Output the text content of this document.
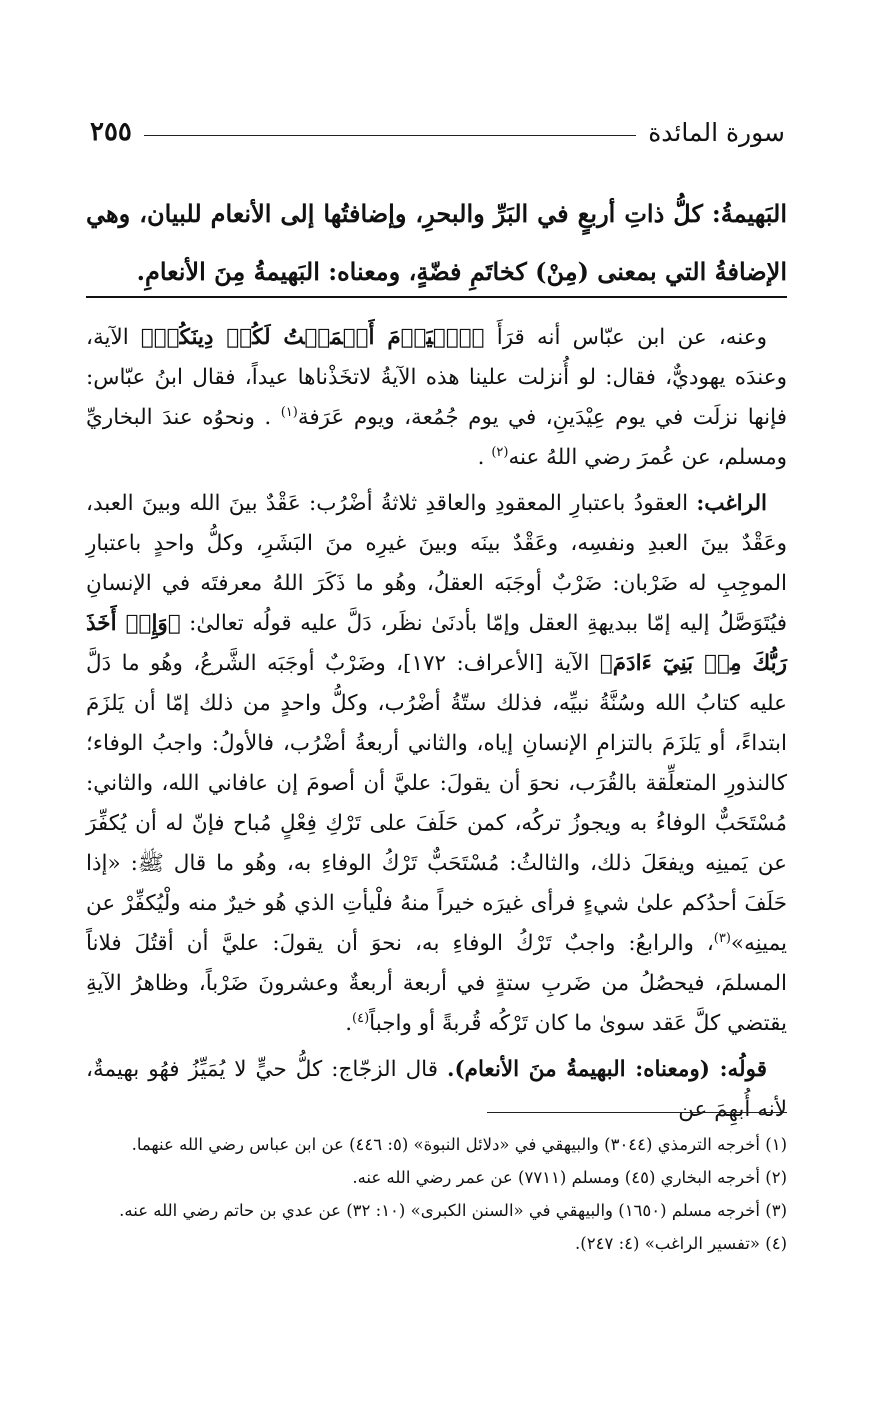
سورة المائدة
٢٥٥
البَهيمةُ: كلُّ ذاتِ أربعٍ في البَرِّ والبحرِ، وإضافتُها إلى الأنعام للبيان، وهي الإضافةُ التي بمعنى (مِنْ) كخاتَمِ فضّةٍ، ومعناه: البَهيمةُ مِنَ الأنعامِ.

وعنه، عن ابن عبّاس أنه قرَأَ ﴿ٱلۡيَوۡمَ أَكۡمَلۡتُ لَكُمۡ دِينَكُمۡ﴾ الآية، وعندَه يهوديٌّ، فقال: لو أُنزلت علينا هذه الآيةُ لاتخَذْناها عيداً، فقال ابنُ عبّاس: فإنها نزلَت في يوم عِيْدَينِ، في يوم جُمُعة، ويوم عَرَفة$^{(١)}$ . ونحوُه عندَ البخاريِّ ومسلم، عن عُمرَ رضي اللهُ عنه$^{(٢)}$ .

الراغب: العقودُ باعتبارِ المعقودِ والعاقدِ ثلاثةُ أضْرُب: عَقْدٌ بينَ الله وبينَ العبد، وعَقْدٌ بينَ العبدِ ونفسِه، وعَقْدٌ بينَه وبينَ غيرِه منَ البَشَرِ، وكلُّ واحدٍ باعتبارِ الموجِبِ له ضَرْبان: ضَرْبٌ أوجَبَه العقلُ، وهُو ما ذَكَرَ اللهُ معرفتَه في الإنسانِ فيُتَوَصَّلُ إليه إمّا ببديهةِ العقل وإمّا بأدنَىٰ نظَر، دَلَّ عليه قولُه تعالىٰ: ﴿وَإِذۡ أَخَذَ رَبُّكَ مِنۢ بَنِيٓ ءَادَمَ﴾ الآية [الأعراف: ١٧٢]، وضَرْبٌ أوجَبَه الشَّرعُ، وهُو ما دَلَّ عليه كتابُ الله وسُنَّةُ نبيِّه، فذلك ستّةُ أضْرُب، وكلُّ واحدٍ من ذلك إمّا أن يَلزَمَ ابتداءً، أو يَلزَمَ بالتزامِ الإنسانِ إياه، والثاني أربعةُ أضْرُب، فالأولُ: واجبُ الوفاء؛ كالنذورِ المتعلِّقة بالقُرَب، نحوَ أن يقولَ: عليَّ أن أصومَ إن عافاني الله، والثاني: مُسْتَحَبٌّ الوفاءُ به ويجوزُ تركُه، كمن حَلَفَ على تَرْكِ فِعْلٍ مُباح فإنّ له أن يُكفِّرَ عن يَمينِه ويفعَلَ ذلك، والثالثُ: مُسْتَحَبٌّ تَرْكُ الوفاءِ به، وهُو ما قال ﷺ: «إذا حَلَفَ أحدُكم علىٰ شيءٍ فرأى غيرَه خيراً منهُ فلْيأتِ الذي هُو خيرٌ منه ولْيُكفِّرْ عن يمينِه»$^{(٣)}$، والرابعُ: واجبٌ تَرْكُ الوفاءِ به، نحوَ أن يقولَ: عليَّ أن أقتُلَ فلاناً المسلمَ، فيحصُلُ من ضَربِ ستةٍ في أربعة أربعةٌ وعشرونَ ضَرْباً، وظاهرُ الآيةِ يقتضي كلَّ عَقد سوىٰ ما كان تَرْكُه قُربةً أو واجباً$^{(٤)}$.

قولُه: (ومعناه: البهيمةُ منَ الأنعام). قال الزجّاج: كلُّ حيٍّ لا يُمَيِّزُ فهُو بهيمةٌ، لأنه أُبهِمَ عن

(١) أخرجه الترمذي (٣٠٤٤) والبيهقي في «دلائل النبوة» (٥: ٤٤٦) عن ابن عباس رضي الله عنهما.
(٢) أخرجه البخاري (٤٥) ومسلم (٧٧١١) عن عمر رضي الله عنه.
(٣) أخرجه مسلم (١٦٥٠) والبيهقي في «السنن الكبرى» (١٠: ٣٢) عن عدي بن حاتم رضي الله عنه.
(٤) «تفسير الراغب» (٤: ٢٤٧).
